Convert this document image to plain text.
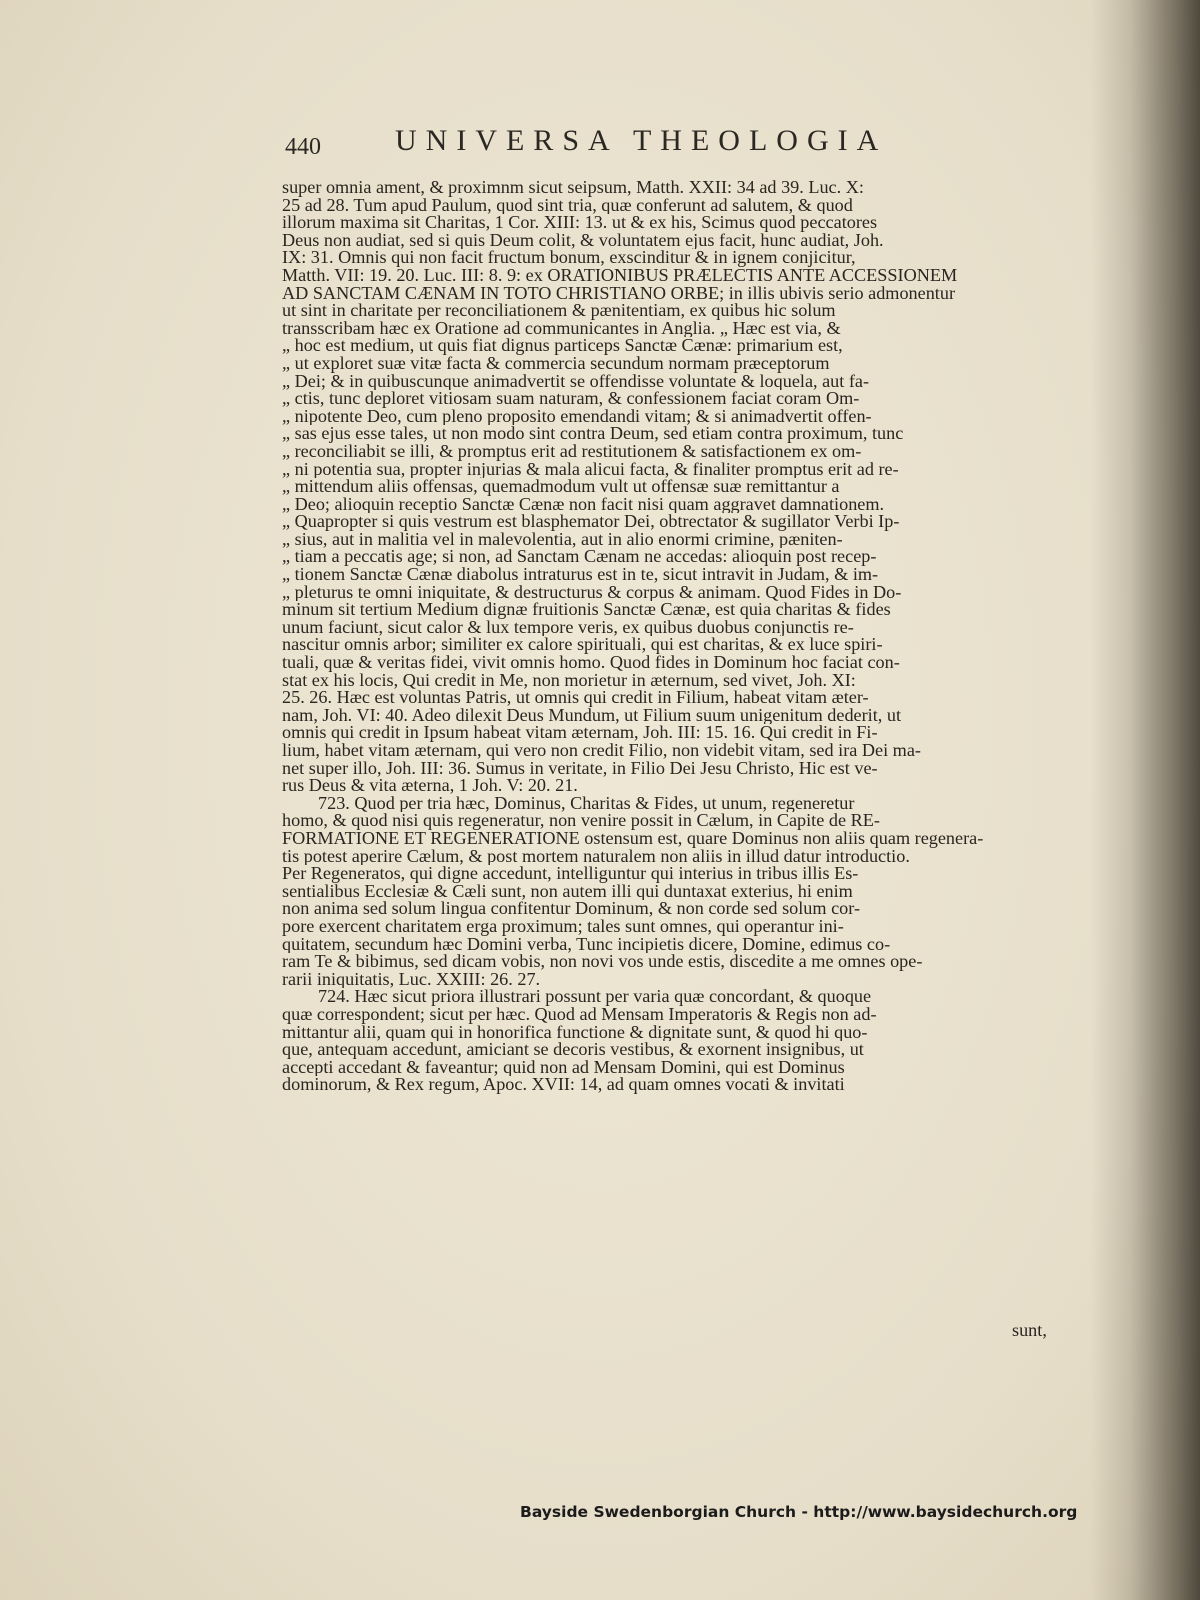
440 UNIVERSA THEOLOGIA
super omnia ament, & proximnm sicut seipsum, Matth. XXII: 34 ad 39. Luc. X:
25 ad 28. Tum apud Paulum, quod sint tria, quæ conferunt ad salutem, & quod
illorum maxima sit Charitas, 1 Cor. XIII: 13. ut & ex his, Scimus quod peccatores
Deus non audiat, sed si quis Deum colit, & voluntatem ejus facit, hunc audiat, Joh.
IX: 31. Omnis qui non facit fructum bonum, exscinditur & in ignem conjicitur,
Matth. VII: 19. 20. Luc. III: 8. 9: ex ORATIONIBUS PRÆLECTIS ANTE ACCESSIONEM
AD SANCTAM CÆNAM IN TOTO CHRISTIANO ORBE; in illis ubivis serio admonentur
ut sint in charitate per reconciliationem & pænitentiam, ex quibus hic solum
transscribam hæc ex Oratione ad communicantes in Anglia. „ Hæc est via, &
„ hoc est medium, ut quis fiat dignus particeps Sanctæ Cænæ: primarium est,
„ ut exploret suæ vitæ facta & commercia secundum normam præceptorum
„ Dei; & in quibuscunque animadvertit se offendisse voluntate & loquela, aut fa-
„ ctis, tunc deploret vitiosam suam naturam, & confessionem faciat coram Om-
„ nipotente Deo, cum pleno proposito emendandi vitam; & si animadvertit offen-
„ sas ejus esse tales, ut non modo sint contra Deum, sed etiam contra proximum, tunc
„ reconciliabit se illi, & promptus erit ad restitutionem & satisfactionem ex om-
„ ni potentia sua, propter injurias & mala alicui facta, & finaliter promptus erit ad re-
„ mittendum aliis offensas, quemadmodum vult ut offensæ suæ remittantur a
„ Deo; alioquin receptio Sanctæ Cænæ non facit nisi quam aggravet damnationem.
„ Quapropter si quis vestrum est blasphemator Dei, obtrectator & sugillator Verbi Ip-
„ sius, aut in malitia vel in malevolentia, aut in alio enormi crimine, pæniten-
„ tiam a peccatis age; si non, ad Sanctam Cænam ne accedas: alioquin post recep-
„ tionem Sanctæ Cænæ diabolus intraturus est in te, sicut intravit in Judam, & im-
„ pleturus te omni iniquitate, & destructurus & corpus & animam. Quod Fides in Do-
minum sit tertium Medium dignæ fruitionis Sanctæ Cænæ, est quia charitas & fides
unum faciunt, sicut calor & lux tempore veris, ex quibus duobus conjunctis re-
nascitur omnis arbor; similiter ex calore spirituali, qui est charitas, & ex luce spiri-
tuali, quæ & veritas fidei, vivit omnis homo. Quod fides in Dominum hoc faciat con-
stat ex his locis, Qui credit in Me, non morietur in æternum, sed vivet, Joh. XI:
25. 26. Hæc est voluntas Patris, ut omnis qui credit in Filium, habeat vitam æter-
nam, Joh. VI: 40. Adeo dilexit Deus Mundum, ut Filium suum unigenitum dederit, ut
omnis qui credit in Ipsum habeat vitam æternam, Joh. III: 15. 16. Qui credit in Fi-
lium, habet vitam æternam, qui vero non credit Filio, non videbit vitam, sed ira Dei ma-
net super illo, Joh. III: 36. Sumus in veritate, in Filio Dei Jesu Christo, Hic est ve-
rus Deus & vita æterna, 1 Joh. V: 20. 21.
723. Quod per tria hæc, Dominus, Charitas & Fides, ut unum, regeneretur
homo, & quod nisi quis regeneratur, non venire possit in Cælum, in Capite de RE-
FORMATIONE ET REGENERATIONE ostensum est, quare Dominus non aliis quam regenera-
tis potest aperire Cælum, & post mortem naturalem non aliis in illud datur introductio.
Per Regeneratos, qui digne accedunt, intelliguntur qui interius in tribus illis Es-
sentialibus Ecclesiæ & Cæli sunt, non autem illi qui duntaxat exterius, hi enim
non anima sed solum lingua confitentur Dominum, & non corde sed solum cor-
pore exercent charitatem erga proximum; tales sunt omnes, qui operantur ini-
quitatem, secundum hæc Domini verba, Tunc incipietis dicere, Domine, edimus co-
ram Te & bibimus, sed dicam vobis, non novi vos unde estis, discedite a me omnes ope-
rarii iniquitatis, Luc. XXIII: 26. 27.
724. Hæc sicut priora illustrari possunt per varia quæ concordant, & quoque
quæ correspondent; sicut per hæc. Quod ad Mensam Imperatoris & Regis non ad-
mittantur alii, quam qui in honorifica functione & dignitate sunt, & quod hi quo-
que, antequam accedunt, amiciant se decoris vestibus, & exornent insignibus, ut
accepti accedant & faveantur; quid non ad Mensam Domini, qui est Dominus
dominorum, & Rex regum, Apoc. XVII: 14, ad quam omnes vocati & invitati
sunt,
Bayside Swedenborgian Church - http://www.baysidechurch.org
